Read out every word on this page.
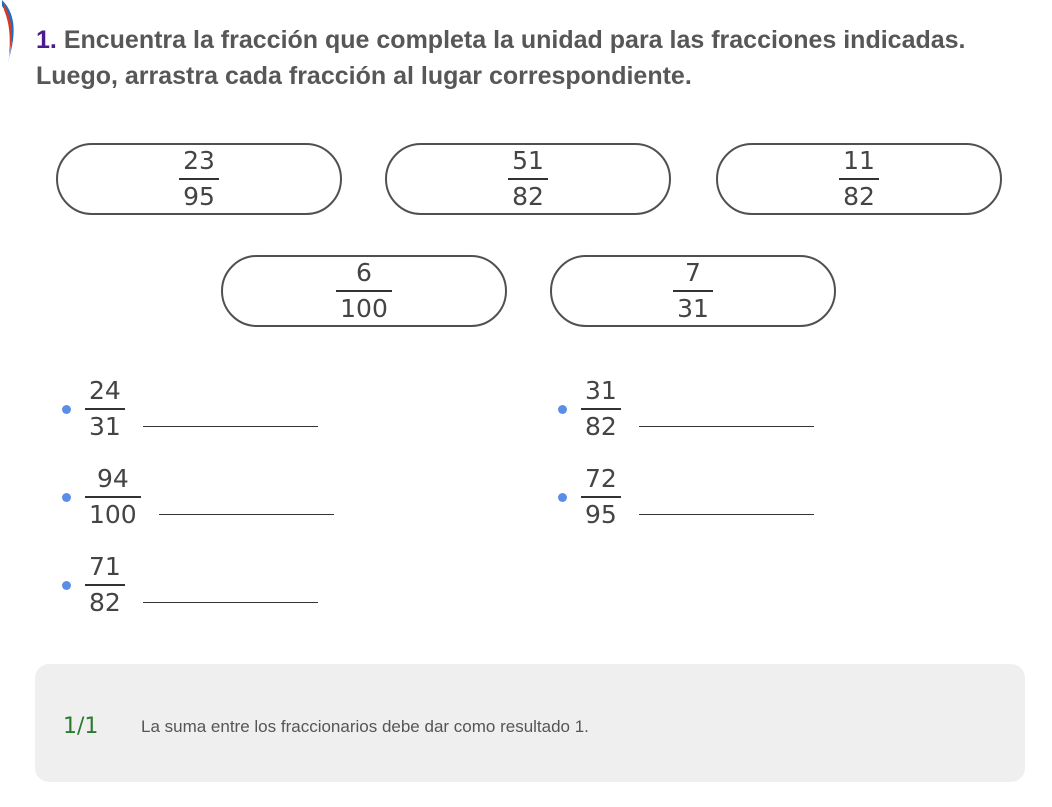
1. Encuentra la fracción que completa la unidad para las fracciones indicadas. Luego, arrastra cada fracción al lugar correspondiente.

$\frac{23}{95}$	$\frac{51}{82}$	$\frac{11}{82}$
$\frac{6}{100}$	$\frac{7}{31}$
$\frac{24}{31}$	$\frac{31}{82}$
$\frac{94}{100}$	$\frac{72}{95}$
$\frac{71}{82}$
1/1	La suma entre los fraccionarios debe dar como resultado 1.
